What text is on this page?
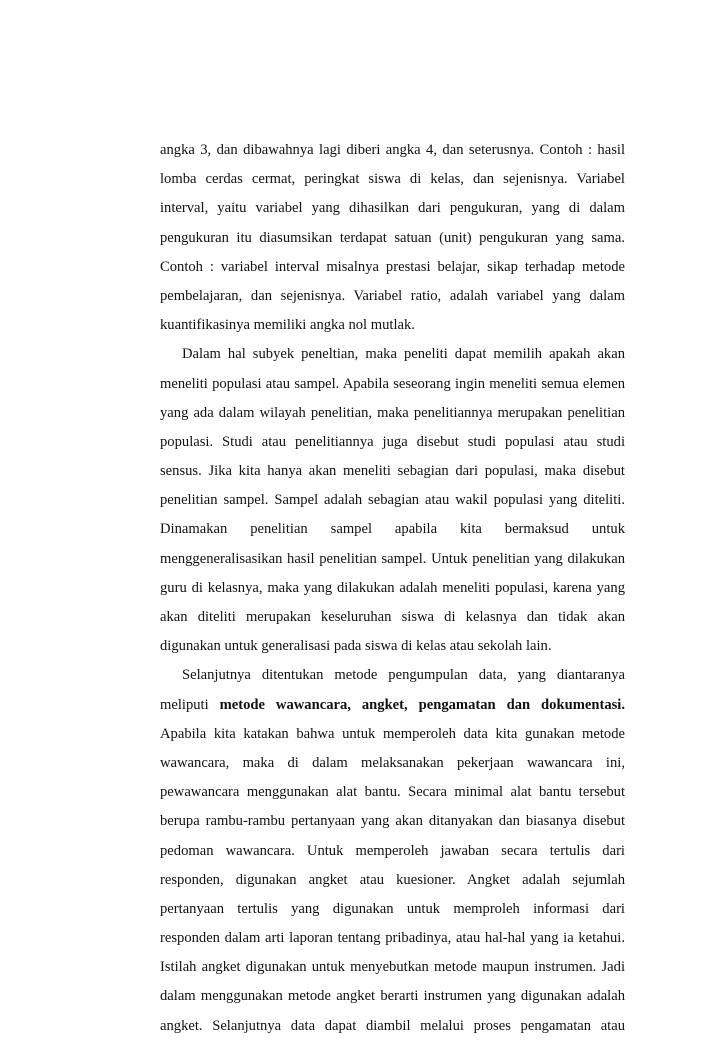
angka 3, dan dibawahnya lagi diberi angka 4, dan seterusnya. Contoh : hasil
lomba cerdas cermat, peringkat siswa di kelas, dan sejenisnya. Variabel
interval, yaitu variabel yang dihasilkan dari pengukuran, yang di dalam
pengukuran itu diasumsikan terdapat satuan (unit) pengukuran yang sama.
Contoh : variabel interval misalnya prestasi belajar, sikap terhadap metode
pembelajaran, dan sejenisnya. Variabel ratio, adalah variabel yang dalam
kuantifikasinya memiliki angka nol mutlak.
Dalam hal subyek peneltian, maka peneliti dapat memilih apakah akan
meneliti populasi atau sampel. Apabila seseorang ingin meneliti semua elemen
yang ada dalam wilayah penelitian, maka penelitiannya merupakan penelitian
populasi. Studi atau penelitiannya juga disebut studi populasi atau studi
sensus. Jika kita hanya akan meneliti sebagian dari populasi, maka disebut
penelitian sampel. Sampel adalah sebagian atau wakil populasi yang diteliti.
Dinamakan penelitian sampel apabila kita bermaksud untuk
menggeneralisasikan hasil penelitian sampel. Untuk penelitian yang dilakukan
guru di kelasnya, maka yang dilakukan adalah meneliti populasi, karena yang
akan diteliti merupakan keseluruhan siswa di kelasnya dan tidak akan
digunakan untuk generalisasi pada siswa di kelas atau sekolah lain.
Selanjutnya ditentukan metode pengumpulan data, yang diantaranya
meliputi metode wawancara, angket, pengamatan dan dokumentasi.
Apabila kita katakan bahwa untuk memperoleh data kita gunakan metode
wawancara, maka di dalam melaksanakan pekerjaan wawancara ini,
pewawancara menggunakan alat bantu. Secara minimal alat bantu tersebut
berupa rambu-rambu pertanyaan yang akan ditanyakan dan biasanya disebut
pedoman wawancara. Untuk memperoleh jawaban secara tertulis dari
responden, digunakan angket atau kuesioner. Angket adalah sejumlah
pertanyaan tertulis yang digunakan untuk memproleh informasi dari
responden dalam arti laporan tentang pribadinya, atau hal-hal yang ia ketahui.
Istilah angket digunakan untuk menyebutkan metode maupun instrumen. Jadi
dalam menggunakan metode angket berarti instrumen yang digunakan adalah
angket. Selanjutnya data dapat diambil melalui proses pengamatan atau
